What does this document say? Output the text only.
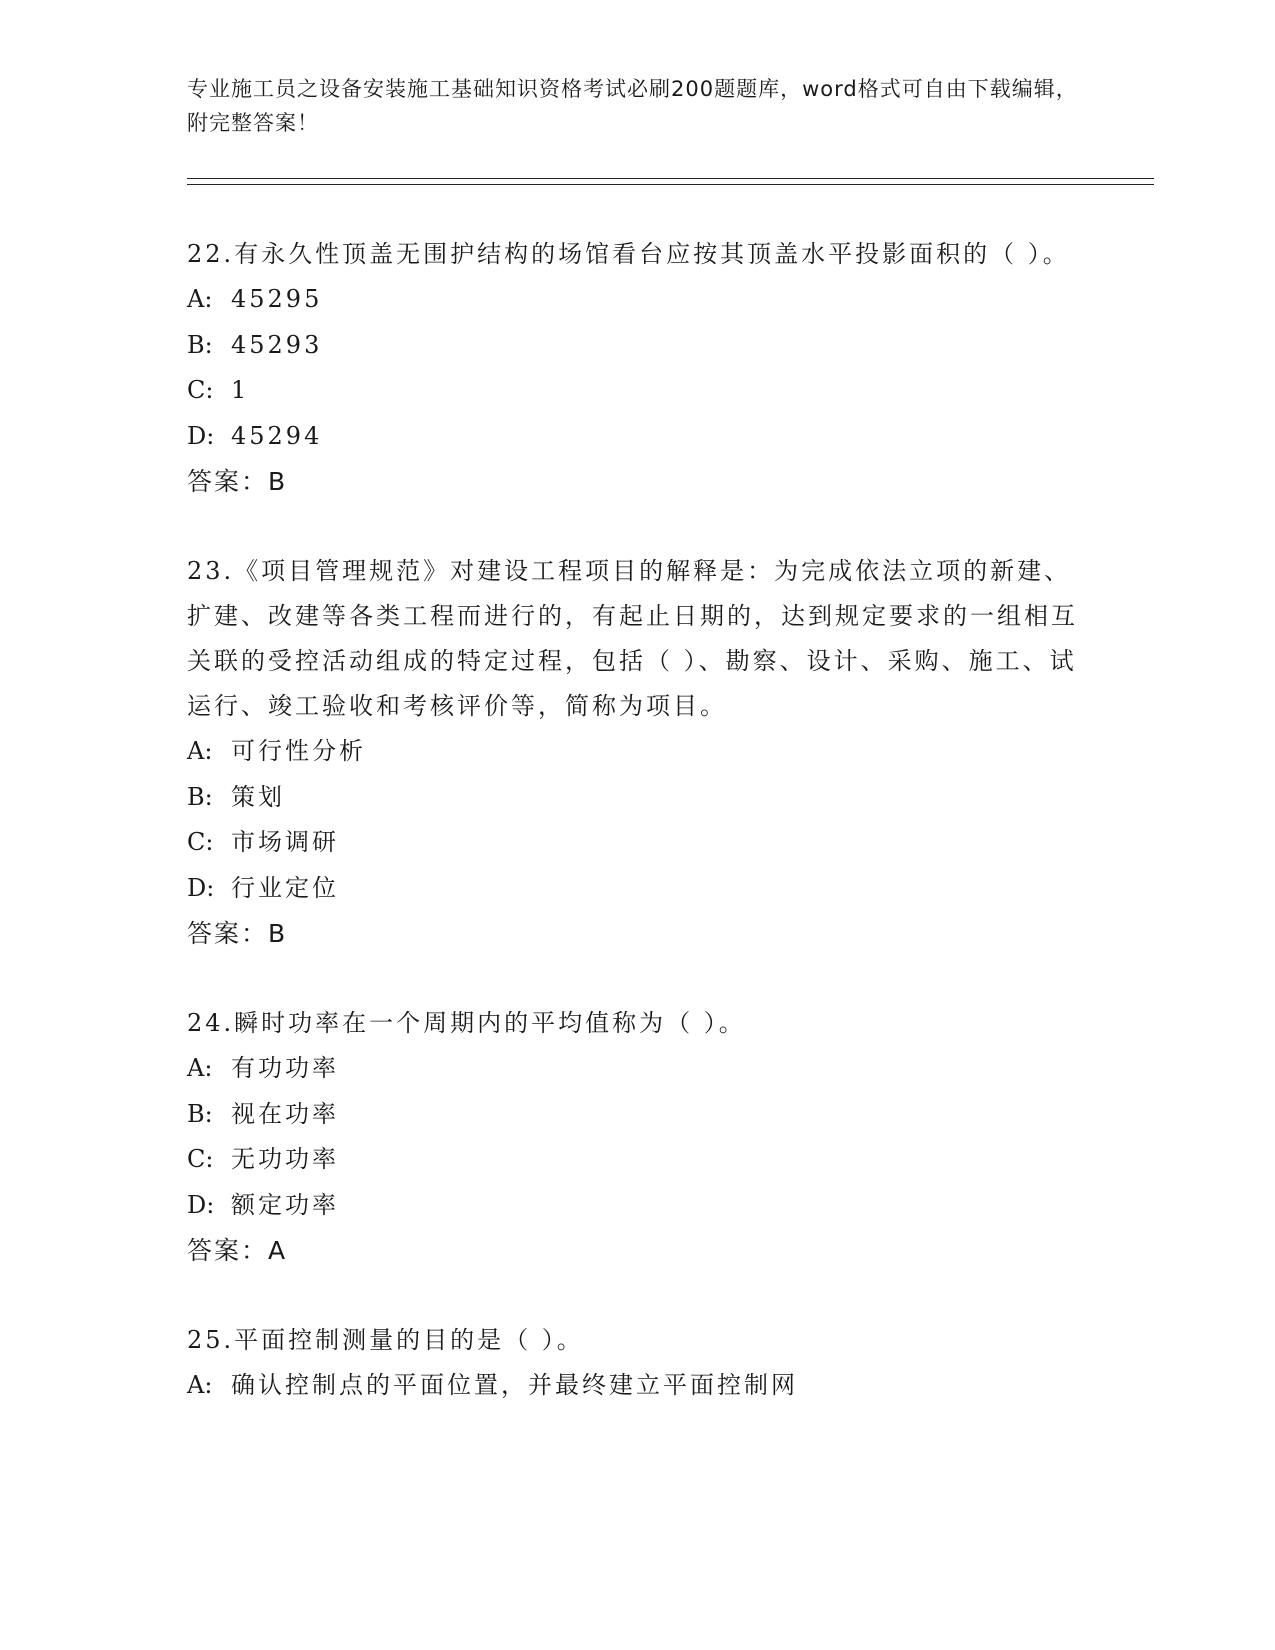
专业施工员之设备安装施工基础知识资格考试必刷200题题库，word格式可自由下载编辑，附完整答案！

22.有永久性顶盖无围护结构的场馆看台应按其顶盖水平投影面积的（ ）。

A: 45295

B: 45293

C: 1

D: 45294

答案：B

23.《项目管理规范》对建设工程项目的解释是：为完成依法立项的新建、扩建、改建等各类工程而进行的，有起止日期的，达到规定要求的一组相互关联的受控活动组成的特定过程，包括（ ）、勘察、设计、采购、施工、试运行、竣工验收和考核评价等，简称为项目。

A: 可行性分析

B: 策划

C: 市场调研

D: 行业定位

答案：B

24.瞬时功率在一个周期内的平均值称为（ ）。

A: 有功功率

B: 视在功率

C: 无功功率

D: 额定功率

答案：A

25.平面控制测量的目的是（ ）。

A: 确认控制点的平面位置，并最终建立平面控制网
